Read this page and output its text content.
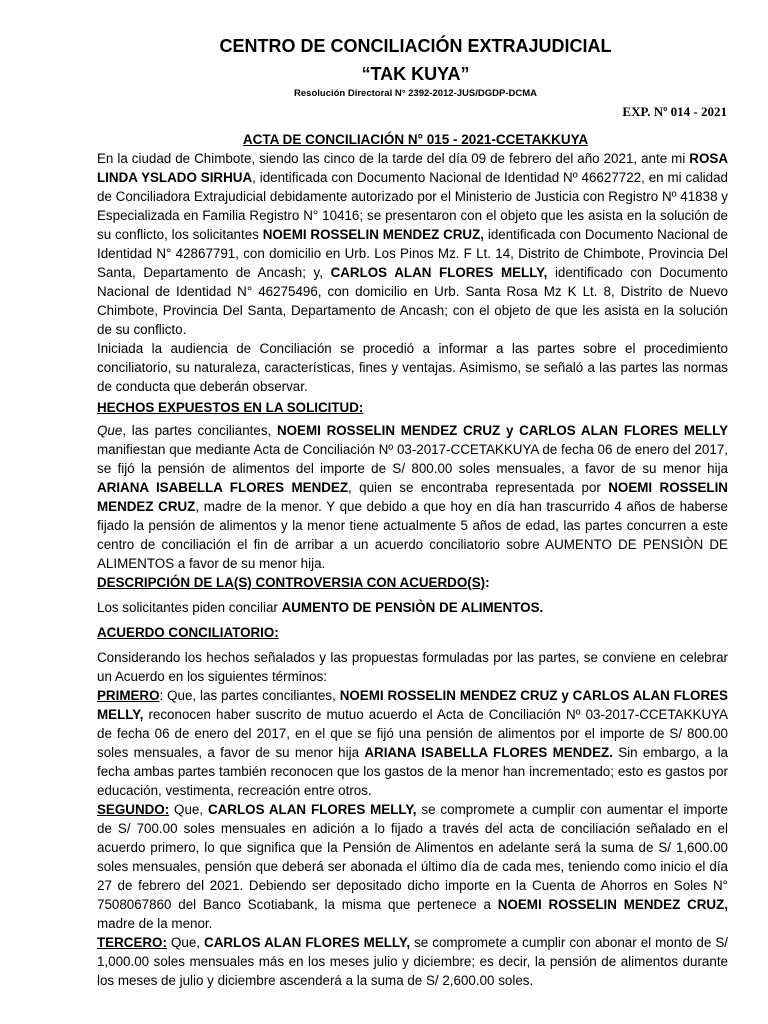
CENTRO DE CONCILIACIÓN EXTRAJUDICIAL
“TAK KUYA”
Resolución Directoral N° 2392-2012-JUS/DGDP-DCMA
EXP. Nº 014 - 2021
ACTA DE CONCILIACIÓN N° 015 - 2021-CCETAKKUYA

En la ciudad de Chimbote, siendo las cinco de la tarde del día 09 de febrero del año 2021, ante mi ROSA LINDA YSLADO SIRHUA, identificada con Documento Nacional de Identidad Nº 46627722, en mi calidad de Conciliadora Extrajudicial debidamente autorizado por el Ministerio de Justicia con Registro Nº 41838 y Especializada en Familia Registro N° 10416; se presentaron con el objeto que les asista en la solución de su conflicto, los solicitantes NOEMI ROSSELIN MENDEZ CRUZ, identificada con Documento Nacional de Identidad N° 42867791, con domicilio en Urb. Los Pinos Mz. F Lt. 14, Distrito de Chimbote, Provincia Del Santa, Departamento de Ancash; y, CARLOS ALAN FLORES MELLY, identificado con Documento Nacional de Identidad N° 46275496, con domicilio en Urb. Santa Rosa Mz K Lt. 8, Distrito de Nuevo Chimbote, Provincia Del Santa, Departamento de Ancash; con el objeto de que les asista en la solución de su conflicto.

Iniciada la audiencia de Conciliación se procedió a informar a las partes sobre el procedimiento conciliatorio, su naturaleza, características, fines y ventajas. Asimismo, se señaló a las partes las normas de conducta que deberán observar.

HECHOS EXPUESTOS EN LA SOLICITUD:

Que, las partes conciliantes, NOEMI ROSSELIN MENDEZ CRUZ y CARLOS ALAN FLORES MELLY manifiestan que mediante Acta de Conciliación Nº 03-2017-CCETAKKUYA de fecha 06 de enero del 2017, se fijó la pensión de alimentos del importe de S/ 800.00 soles mensuales, a favor de su menor hija ARIANA ISABELLA FLORES MENDEZ, quien se encontraba representada por NOEMI ROSSELIN MENDEZ CRUZ, madre de la menor. Y que debido a que hoy en día han trascurrido 4 años de haberse fijado la pensión de alimentos y la menor tiene actualmente 5 años de edad, las partes concurren a este centro de conciliación el fin de arribar a un acuerdo conciliatorio sobre AUMENTO DE PENSIÒN DE ALIMENTOS a favor de su menor hija.

DESCRIPCIÓN DE LA(S) CONTROVERSIA CON ACUERDO(S):

Los solicitantes piden conciliar AUMENTO DE PENSIÒN DE ALIMENTOS.

ACUERDO CONCILIATORIO:

Considerando los hechos señalados y las propuestas formuladas por las partes, se conviene en celebrar un Acuerdo en los siguientes términos:

PRIMERO: Que, las partes conciliantes, NOEMI ROSSELIN MENDEZ CRUZ y CARLOS ALAN FLORES MELLY, reconocen haber suscrito de mutuo acuerdo el Acta de Conciliación Nº 03-2017-CCETAKKUYA de fecha 06 de enero del 2017, en el que se fijó una pensión de alimentos por el importe de S/ 800.00 soles mensuales, a favor de su menor hija ARIANA ISABELLA FLORES MENDEZ. Sin embargo, a la fecha ambas partes también reconocen que los gastos de la menor han incrementado; esto es gastos por educación, vestimenta, recreación entre otros.

SEGUNDO: Que, CARLOS ALAN FLORES MELLY, se compromete a cumplir con aumentar el importe de S/ 700.00 soles mensuales en adición a lo fijado a través del acta de conciliación señalado en el acuerdo primero, lo que significa que la Pensión de Alimentos en adelante será la suma de S/ 1,600.00 soles mensuales, pensión que deberá ser abonada el último día de cada mes, teniendo como inicio el día 27 de febrero del 2021. Debiendo ser depositado dicho importe en la Cuenta de Ahorros en Soles N° 7508067860 del Banco Scotiabank, la misma que pertenece a NOEMI ROSSELIN MENDEZ CRUZ, madre de la menor.

TERCERO: Que, CARLOS ALAN FLORES MELLY, se compromete a cumplir con abonar el monto de S/ 1,000.00 soles mensuales más en los meses julio y diciembre; es decir, la pensión de alimentos durante los meses de julio y diciembre ascenderá a la suma de S/ 2,600.00 soles.
